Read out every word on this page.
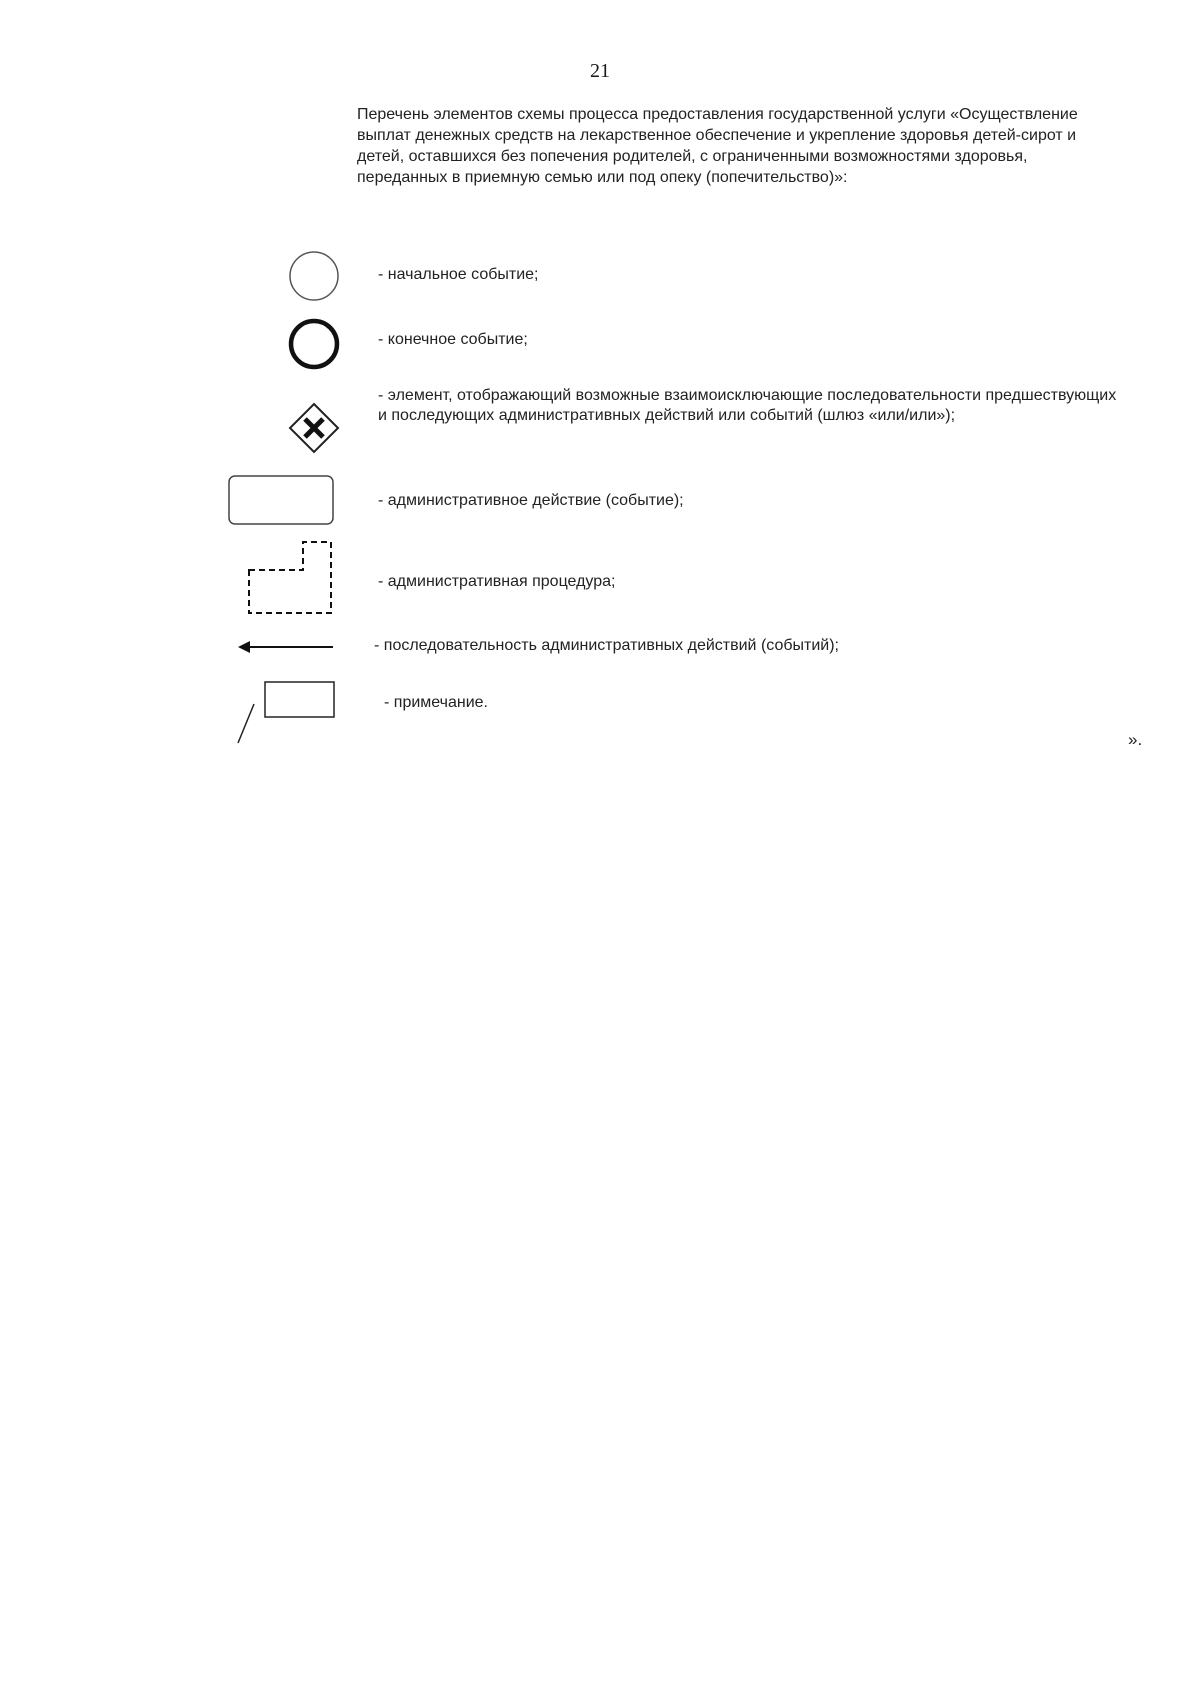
21
Перечень элементов схемы процесса предоставления государственной услуги «Осуществление выплат денежных средств на лекарственное обеспечение и укрепление здоровья детей-сирот и детей, оставшихся без попечения родителей, с ограниченными возможностями здоровья, переданных в приемную семью или под опеку (попечительство)»:
- начальное событие;
- конечное событие;
- элемент, отображающий возможные взаимоисключающие последовательности предшествующих и последующих административных действий или событий (шлюз «или/или»);
- административное действие (событие);
- административная процедура;
- последовательность административных действий (событий);
- примечание.
».
